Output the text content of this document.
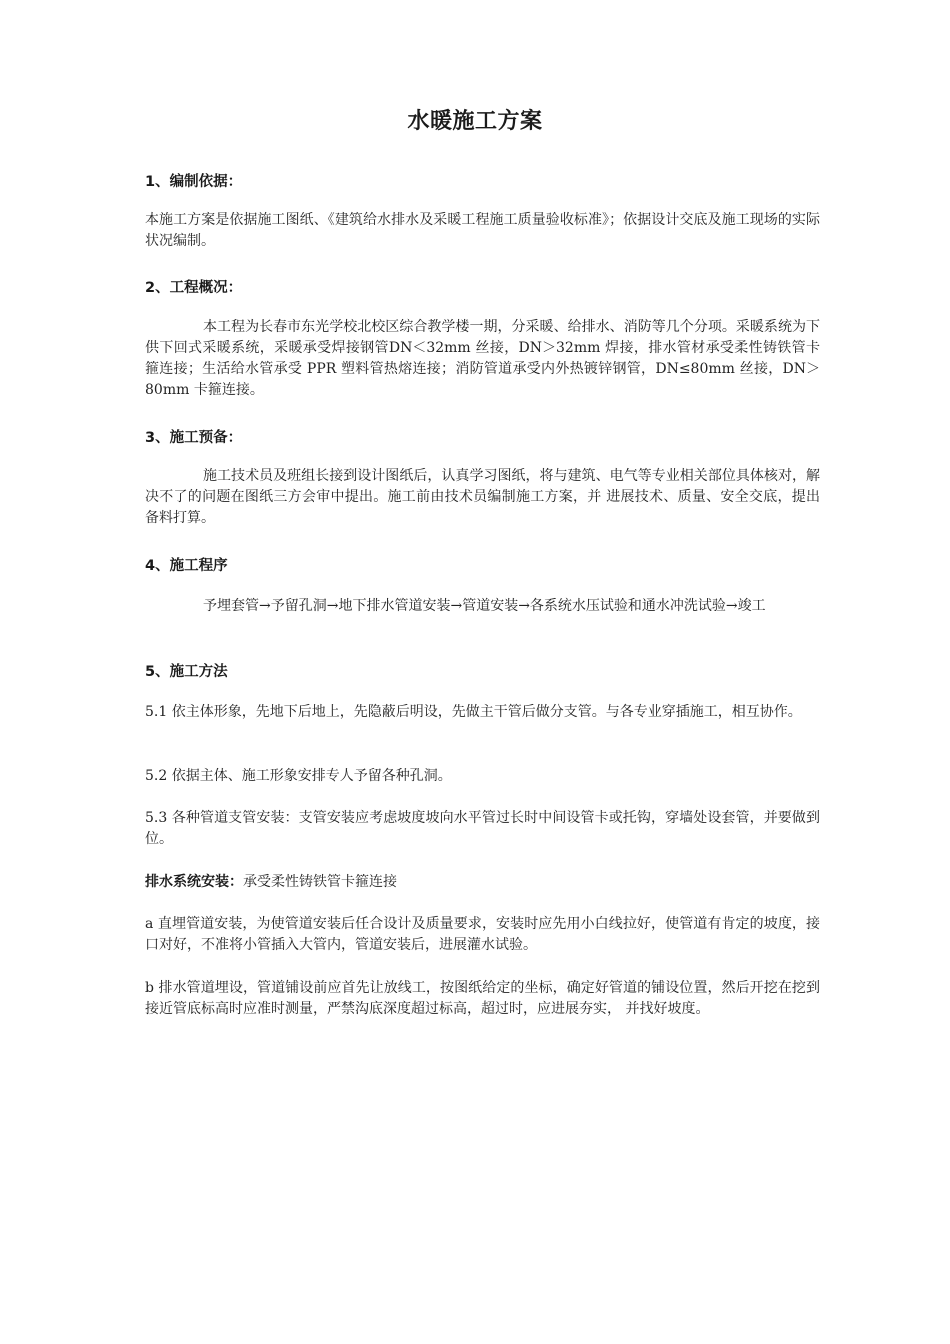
水暖施工方案
1、编制依据：
本施工方案是依据施工图纸、《建筑给水排水及采暖工程施工质量验收标准》；依据设计交底及施工现场的实际状况编制。
2、工程概况：
本工程为长春市东光学校北校区综合教学楼一期，分采暖、给排水、消防等几个分项。采暖系统为下供下回式采暖系统，采暖承受焊接钢管DN＜32mm 丝接，DN＞32mm 焊接，排水管材承受柔性铸铁管卡箍连接；生活给水管承受 PPR 塑料管热熔连接；消防管道承受内外热镀锌钢管，DN≤80mm 丝接，DN＞80mm 卡箍连接。
3、施工预备：
施工技术员及班组长接到设计图纸后，认真学习图纸，将与建筑、电气等专业相关部位具体核对，解决不了的问题在图纸三方会审中提出。施工前由技术员编制施工方案，并 进展技术、质量、安全交底，提出备料打算。
4、施工程序
予埋套管→予留孔洞→地下排水管道安装→管道安装→各系统水压试验和通水冲洗试验→竣工
5、施工方法
5.1 依主体形象，先地下后地上，先隐蔽后明设，先做主干管后做分支管。与各专业穿插施工，相互协作。
5.2 依据主体、施工形象安排专人予留各种孔洞。
5.3 各种管道支管安装：支管安装应考虑坡度坡向水平管过长时中间设管卡或托钩，穿墙处设套管，并要做到位。
排水系统安装：承受柔性铸铁管卡箍连接
a 直埋管道安装，为使管道安装后任合设计及质量要求，安装时应先用小白线拉好，使管道有肯定的坡度，接口对好，不准将小管插入大管内，管道安装后，进展灌水试验。
b 排水管道埋设，管道铺设前应首先让放线工，按图纸给定的坐标，确定好管道的铺设位置，然后开挖在挖到接近管底标高时应准时测量，严禁沟底深度超过标高，超过时，应进展夯实， 并找好坡度。
